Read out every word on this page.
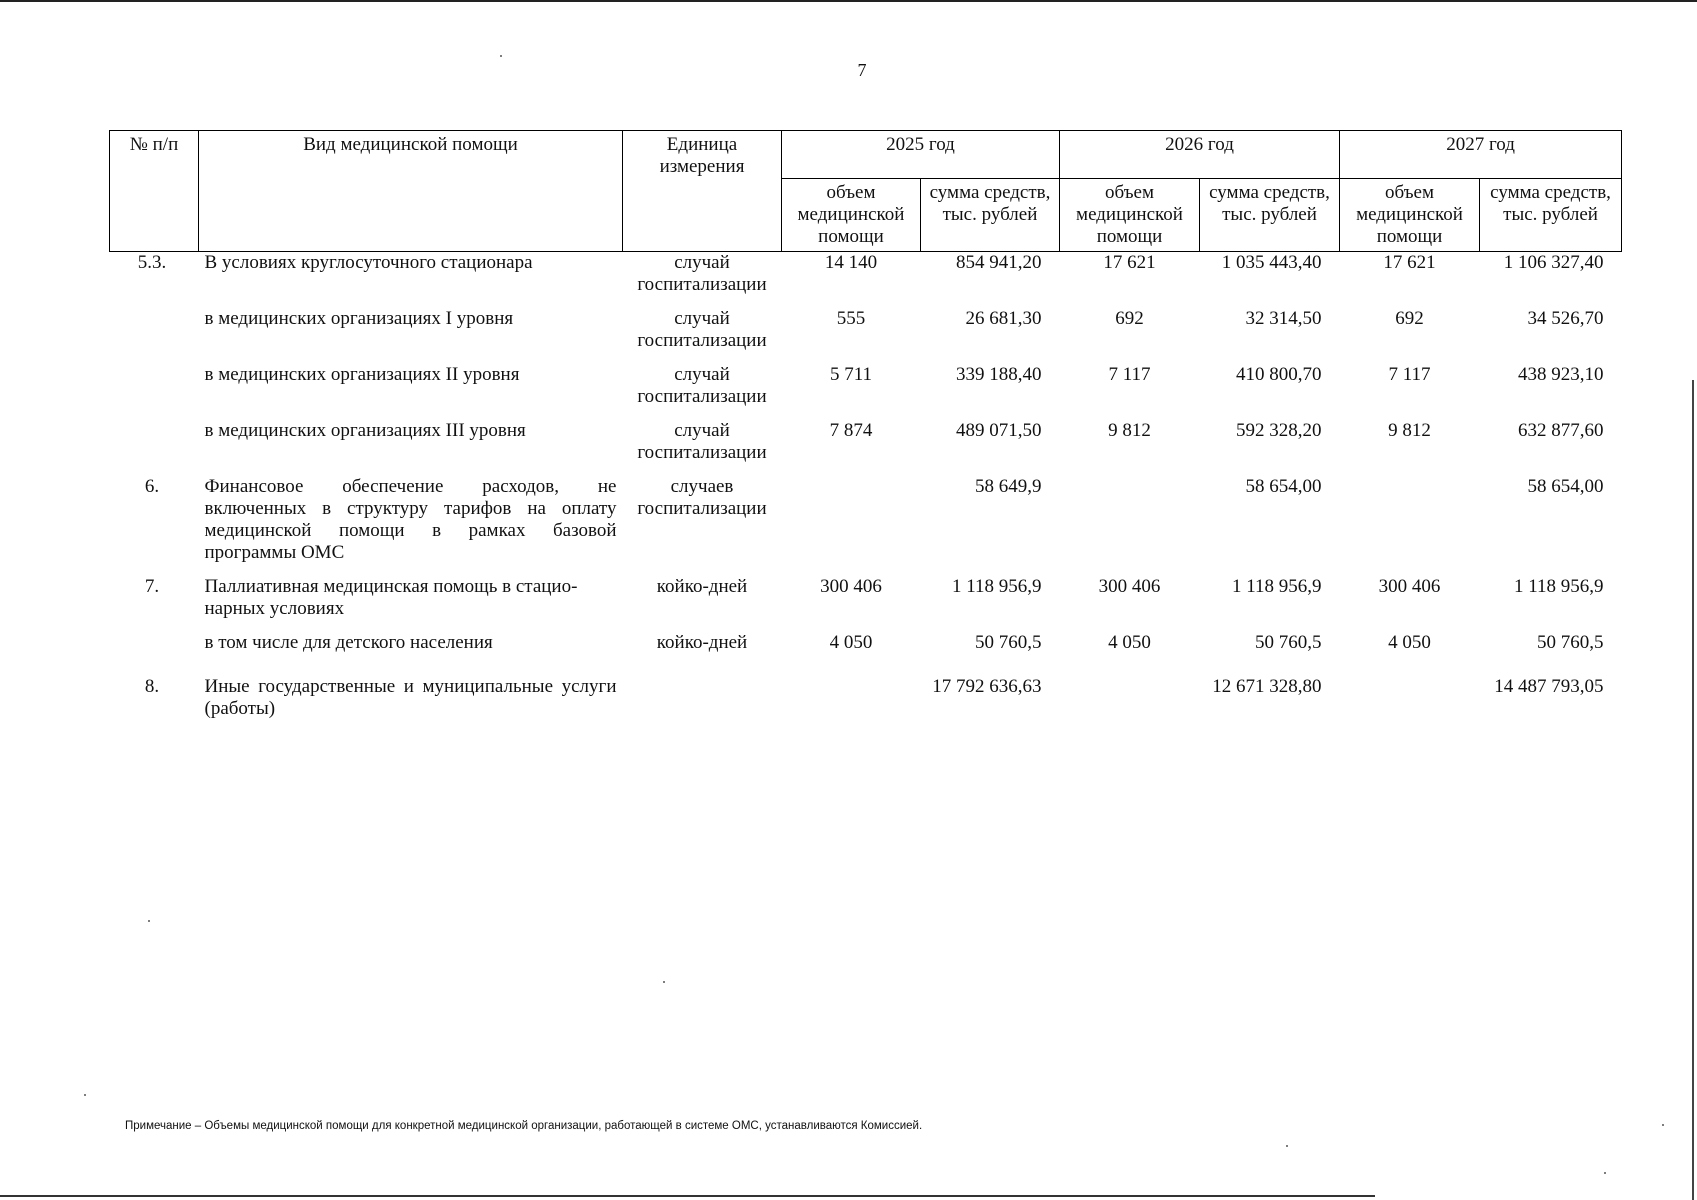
7
№ п/п	Вид медицинской помощи	Единица измерения	2025 год		2026 год		2027 год	
			объем медицинской помощи	сумма средств, тыс. рублей	объем медицинской помощи	сумма средств, тыс. рублей	объем медицинской помощи	сумма средств, тыс. рублей
5.3.	В условиях круглосуточного стационара	случай госпитализации	14 140	854 941,20	17 621	1 035 443,40	17 621	1 106 327,40
	в медицинских организациях I уровня	случай госпитализации	555	26 681,30	692	32 314,50	692	34 526,70
	в медицинских организациях II уровня	случай госпитализации	5 711	339 188,40	7 117	410 800,70	7 117	438 923,10
	в медицинских организациях III уровня	случай госпитализации	7 874	489 071,50	9 812	592 328,20	9 812	632 877,60
6.	Финансовое обеспечение расходов, не включенных в структуру тарифов на оплату медицинской помощи в рамках базовой программы ОМС	случаев госпитализации		58 649,9		58 654,00		58 654,00
7.	Паллиативная медицинская помощь в стацио-нарных условиях	койко-дней	300 406	1 118 956,9	300 406	1 118 956,9	300 406	1 118 956,9
	в том числе для детского населения	койко-дней	4 050	50 760,5	4 050	50 760,5	4 050	50 760,5
8.	Иные государственные и муниципальные услуги (работы)			17 792 636,63		12 671 328,80		14 487 793,05
Примечание – Объемы медицинской помощи для конкретной медицинской организации, работающей в системе ОМС, устанавливаются Комиссией.
